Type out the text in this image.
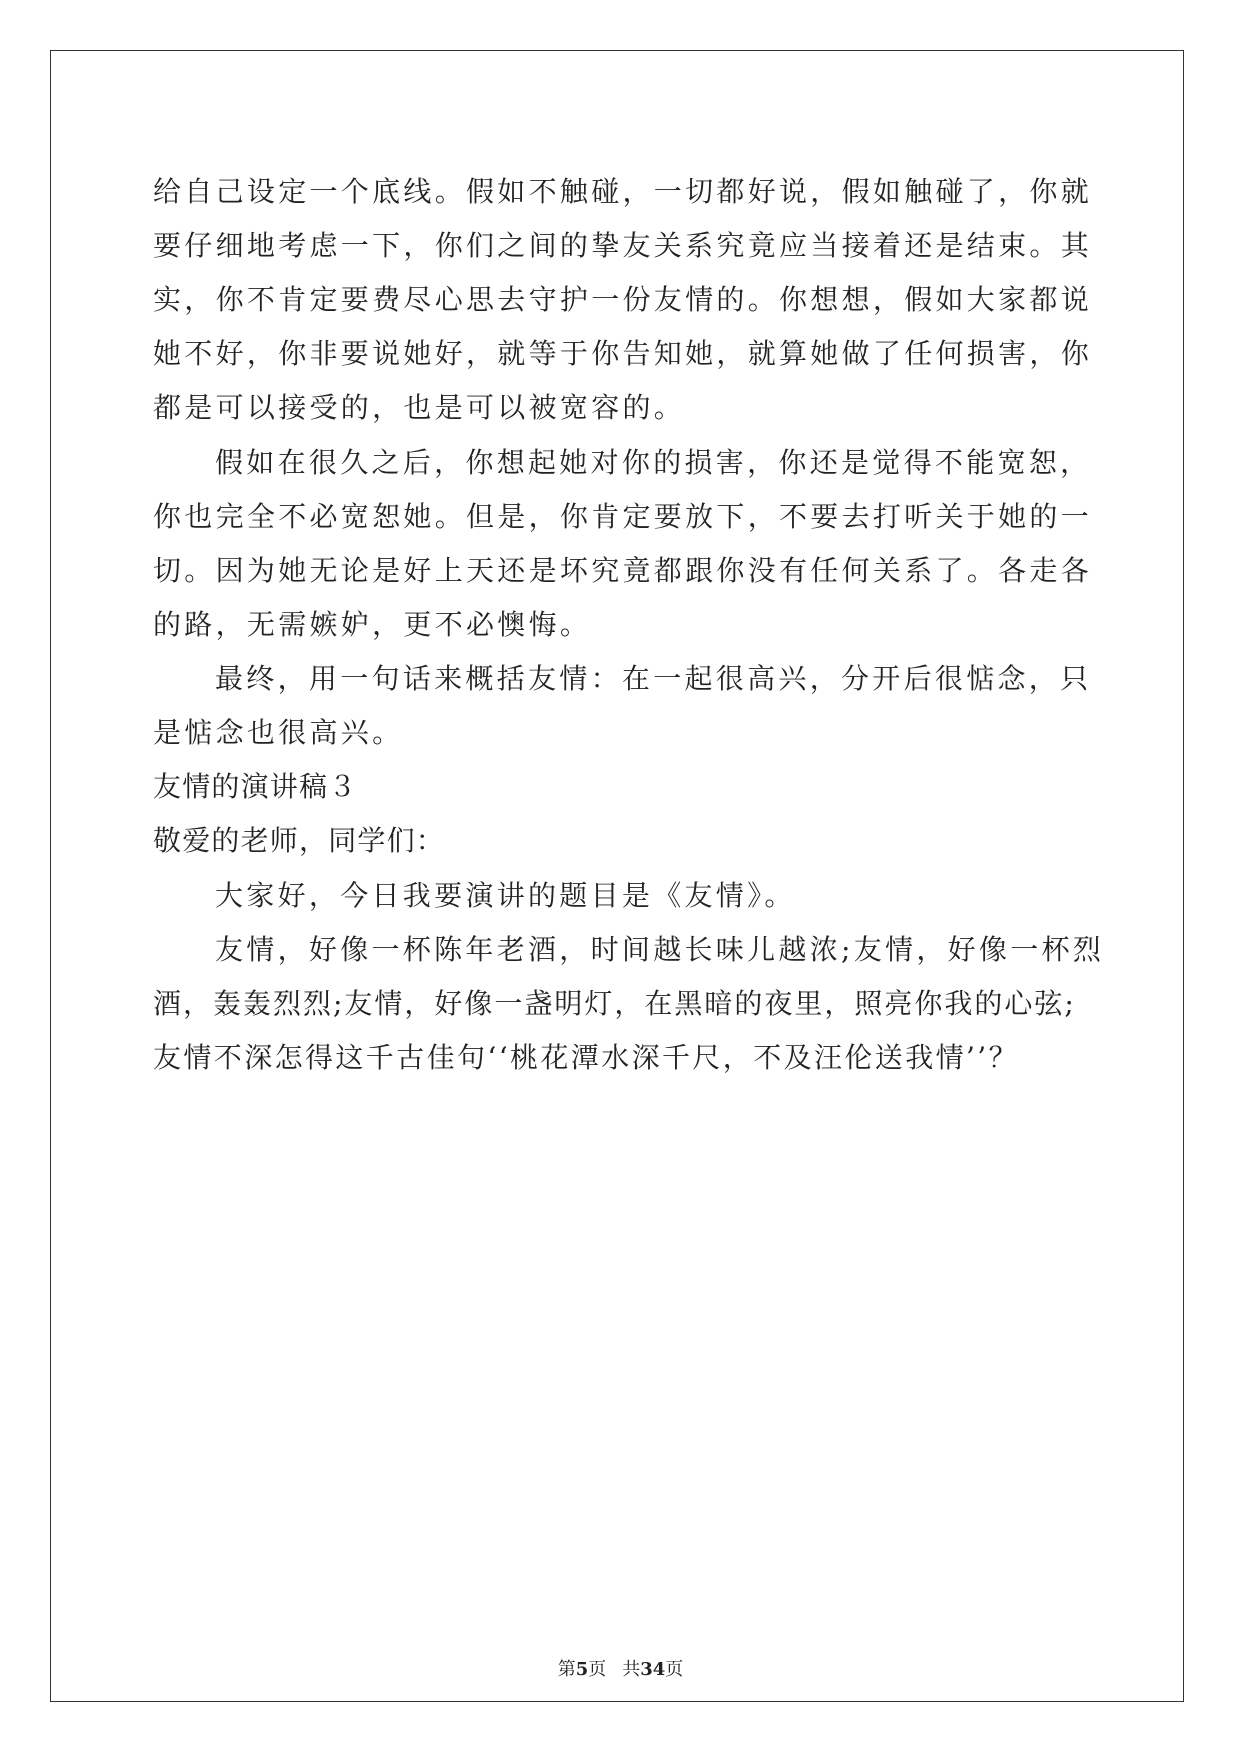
给自己设定一个底线。假如不触碰，一切都好说，假如触碰了，你就
要仔细地考虑一下，你们之间的挚友关系究竟应当接着还是结束。其
实，你不肯定要费尽心思去守护一份友情的。你想想，假如大家都说
她不好，你非要说她好，就等于你告知她，就算她做了任何损害，你
都是可以接受的，也是可以被宽容的。
假如在很久之后，你想起她对你的损害，你还是觉得不能宽恕，
你也完全不必宽恕她。但是，你肯定要放下，不要去打听关于她的一
切。因为她无论是好上天还是坏究竟都跟你没有任何关系了。各走各
的路，无需嫉妒，更不必懊悔。
最终，用一句话来概括友情：在一起很高兴，分开后很惦念，只
是惦念也很高兴。
友情的演讲稿３
敬爱的老师，同学们：
大家好，今日我要演讲的题目是《友情》。
友情，好像一杯陈年老酒，时间越长味儿越浓;友情，好像一杯烈
酒，轰轰烈烈;友情，好像一盏明灯，在黑暗的夜里，照亮你我的心弦;
友情不深怎得这千古佳句‘‘桃花潭水深千尺，不及汪伦送我情’’？
第5页 共34页
